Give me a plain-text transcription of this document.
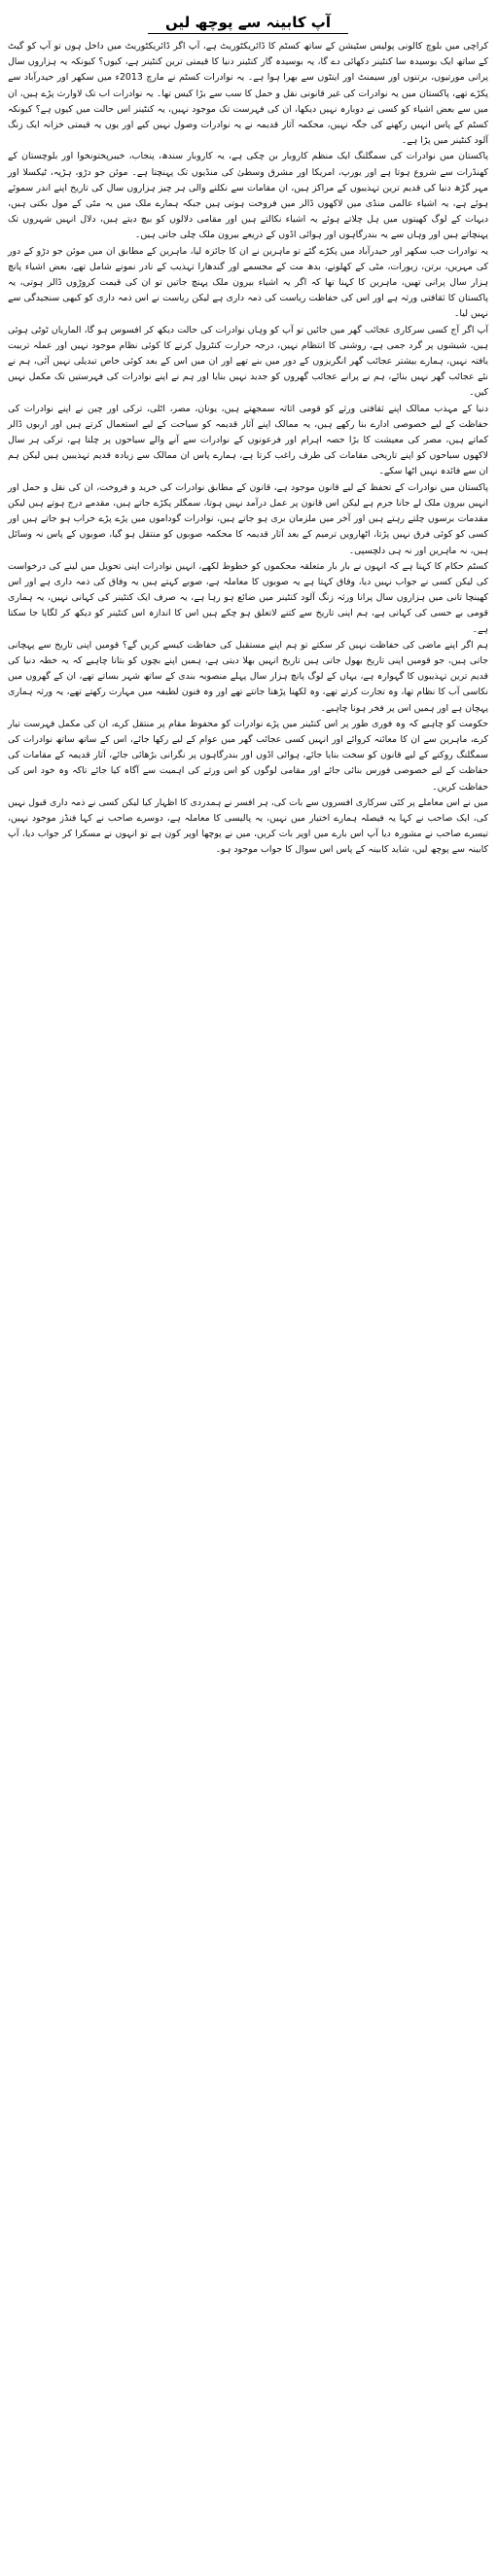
آپ کابینہ سے پوچھ لیں

کراچی میں بلوچ کالونی پولیس سٹیشن کے ساتھ کسٹم کا ڈائریکٹوریٹ ہے، آپ اگر ڈائریکٹوریٹ میں داخل ہوں تو آپ کو گیٹ کے ساتھ ایک بوسیدہ سا کنٹینر دکھائی دے گا، یہ بوسیدہ گار کنٹینر دنیا کا قیمتی ترین کنٹینر ہے، کیوں؟ کیونکہ یہ ہزاروں سال پرانی مورتیوں، برتنوں اور سیمنٹ اور اینٹوں سے بھرا ہوا ہے۔ یہ نوادرات کسٹم نے مارچ 2013ء میں سکھر اور حیدرآباد سے پکڑے تھے، پاکستان میں یہ نوادرات کی غیر قانونی نقل و حمل کا سب سے بڑا کیس تھا۔ یہ نوادرات اب تک لاوارث پڑے ہیں، ان میں سے بعض اشیاء کو کسی نے دوبارہ نہیں دیکھا، ان کی فہرست تک موجود نہیں، یہ کنٹینر اس حالت میں کیوں ہے؟ کیونکہ کسٹم کے پاس انہیں رکھنے کی جگہ نہیں، محکمہ آثار قدیمہ نے یہ نوادرات وصول نہیں کیے اور یوں یہ قیمتی خزانہ ایک زنگ آلود کنٹینر میں پڑا ہے۔

پاکستان میں نوادرات کی سمگلنگ ایک منظم کاروبار بن چکی ہے، یہ کاروبار سندھ، پنجاب، خیبرپختونخوا اور بلوچستان کے کھنڈرات سے شروع ہوتا ہے اور یورپ، امریکا اور مشرق وسطیٰ کی منڈیوں تک پہنچتا ہے۔ موئن جو دڑو، ہڑپہ، ٹیکسلا اور مہر گڑھ دنیا کی قدیم ترین تہذیبوں کے مراکز ہیں، ان مقامات سے نکلنے والی ہر چیز ہزاروں سال کی تاریخ اپنے اندر سموئے ہوئے ہے، یہ اشیاء عالمی منڈی میں لاکھوں ڈالر میں فروخت ہوتی ہیں جبکہ ہمارے ملک میں یہ مٹی کے مول بکتی ہیں، دیہات کے لوگ کھیتوں میں ہل چلاتے ہوئے یہ اشیاء نکالتے ہیں اور مقامی دلالوں کو بیچ دیتے ہیں، دلال انہیں شہروں تک پہنچاتے ہیں اور وہاں سے یہ بندرگاہوں اور ہوائی اڈوں کے ذریعے بیرون ملک چلی جاتی ہیں۔

یہ نوادرات جب سکھر اور حیدرآباد میں پکڑے گئے تو ماہرین نے ان کا جائزہ لیا، ماہرین کے مطابق ان میں موئن جو دڑو کے دور کی مہریں، برتن، زیورات، مٹی کے کھلونے، بدھ مت کے مجسمے اور گندھارا تہذیب کے نادر نمونے شامل تھے، بعض اشیاء پانچ ہزار سال پرانی تھیں، ماہرین کا کہنا تھا کہ اگر یہ اشیاء بیرون ملک پہنچ جاتیں تو ان کی قیمت کروڑوں ڈالر ہوتی، یہ پاکستان کا ثقافتی ورثہ ہے اور اس کی حفاظت ریاست کی ذمہ داری ہے لیکن ریاست نے اس ذمہ داری کو کبھی سنجیدگی سے نہیں لیا۔

آپ اگر آج کسی سرکاری عجائب گھر میں جائیں تو آپ کو وہاں نوادرات کی حالت دیکھ کر افسوس ہو گا، الماریاں ٹوٹی ہوئی ہیں، شیشوں پر گرد جمی ہے، روشنی کا انتظام نہیں، درجہ حرارت کنٹرول کرنے کا کوئی نظام موجود نہیں اور عملہ تربیت یافتہ نہیں، ہمارے بیشتر عجائب گھر انگریزوں کے دور میں بنے تھے اور ان میں اس کے بعد کوئی خاص تبدیلی نہیں آئی، ہم نے نئے عجائب گھر نہیں بنائے، ہم نے پرانے عجائب گھروں کو جدید نہیں بنایا اور ہم نے اپنے نوادرات کی فہرستیں تک مکمل نہیں کیں۔

دنیا کے مہذب ممالک اپنے ثقافتی ورثے کو قومی اثاثہ سمجھتے ہیں، یونان، مصر، اٹلی، ترکی اور چین نے اپنے نوادرات کی حفاظت کے لیے خصوصی ادارے بنا رکھے ہیں، یہ ممالک اپنے آثار قدیمہ کو سیاحت کے لیے استعمال کرتے ہیں اور اربوں ڈالر کماتے ہیں، مصر کی معیشت کا بڑا حصہ اہرام اور فرعونوں کے نوادرات سے آنے والے سیاحوں پر چلتا ہے، ترکی ہر سال لاکھوں سیاحوں کو اپنے تاریخی مقامات کی طرف راغب کرتا ہے، ہمارے پاس ان ممالک سے زیادہ قدیم تہذیبیں ہیں لیکن ہم ان سے فائدہ نہیں اٹھا سکے۔

پاکستان میں نوادرات کے تحفظ کے لیے قانون موجود ہے، قانون کے مطابق نوادرات کی خرید و فروخت، ان کی نقل و حمل اور انہیں بیرون ملک لے جانا جرم ہے لیکن اس قانون پر عمل درآمد نہیں ہوتا، سمگلر پکڑے جاتے ہیں، مقدمے درج ہوتے ہیں لیکن مقدمات برسوں چلتے رہتے ہیں اور آخر میں ملزمان بری ہو جاتے ہیں، نوادرات گوداموں میں پڑے پڑے خراب ہو جاتے ہیں اور کسی کو کوئی فرق نہیں پڑتا، اٹھارویں ترمیم کے بعد آثار قدیمہ کا محکمہ صوبوں کو منتقل ہو گیا، صوبوں کے پاس نہ وسائل ہیں، نہ ماہرین اور نہ ہی دلچسپی۔

کسٹم حکام کا کہنا ہے کہ انہوں نے بار بار متعلقہ محکموں کو خطوط لکھے، انہیں نوادرات اپنی تحویل میں لینے کی درخواست کی لیکن کسی نے جواب نہیں دیا، وفاق کہتا ہے یہ صوبوں کا معاملہ ہے، صوبے کہتے ہیں یہ وفاق کی ذمہ داری ہے اور اس کھینچا تانی میں ہزاروں سال پرانا ورثہ زنگ آلود کنٹینر میں ضائع ہو رہا ہے، یہ صرف ایک کنٹینر کی کہانی نہیں، یہ ہماری قومی بے حسی کی کہانی ہے، ہم اپنی تاریخ سے کتنے لاتعلق ہو چکے ہیں اس کا اندازہ اس کنٹینر کو دیکھ کر لگایا جا سکتا ہے۔

ہم اگر اپنے ماضی کی حفاظت نہیں کر سکتے تو ہم اپنے مستقبل کی حفاظت کیسے کریں گے؟ قومیں اپنی تاریخ سے پہچانی جاتی ہیں، جو قومیں اپنی تاریخ بھول جاتی ہیں تاریخ انہیں بھلا دیتی ہے، ہمیں اپنے بچوں کو بتانا چاہیے کہ یہ خطہ دنیا کی قدیم ترین تہذیبوں کا گہوارہ ہے، یہاں کے لوگ پانچ ہزار سال پہلے منصوبہ بندی کے ساتھ شہر بساتے تھے، ان کے گھروں میں نکاسی آب کا نظام تھا، وہ تجارت کرتے تھے، وہ لکھنا پڑھنا جانتے تھے اور وہ فنون لطیفہ میں مہارت رکھتے تھے، یہ ورثہ ہماری پہچان ہے اور ہمیں اس پر فخر ہونا چاہیے۔

حکومت کو چاہیے کہ وہ فوری طور پر اس کنٹینر میں پڑے نوادرات کو محفوظ مقام پر منتقل کرے، ان کی مکمل فہرست تیار کرے، ماہرین سے ان کا معائنہ کروائے اور انہیں کسی عجائب گھر میں عوام کے لیے رکھا جائے، اس کے ساتھ ساتھ نوادرات کی سمگلنگ روکنے کے لیے قانون کو سخت بنایا جائے، ہوائی اڈوں اور بندرگاہوں پر نگرانی بڑھائی جائے، آثار قدیمہ کے مقامات کی حفاظت کے لیے خصوصی فورس بنائی جائے اور مقامی لوگوں کو اس ورثے کی اہمیت سے آگاہ کیا جائے تاکہ وہ خود اس کی حفاظت کریں۔

میں نے اس معاملے پر کئی سرکاری افسروں سے بات کی، ہر افسر نے ہمدردی کا اظہار کیا لیکن کسی نے ذمہ داری قبول نہیں کی، ایک صاحب نے کہا یہ فیصلہ ہمارے اختیار میں نہیں، یہ پالیسی کا معاملہ ہے، دوسرے صاحب نے کہا فنڈز موجود نہیں، تیسرے صاحب نے مشورہ دیا آپ اس بارے میں اوپر بات کریں، میں نے پوچھا اوپر کون ہے تو انہوں نے مسکرا کر جواب دیا، آپ کابینہ سے پوچھ لیں، شاید کابینہ کے پاس اس سوال کا جواب موجود ہو۔
